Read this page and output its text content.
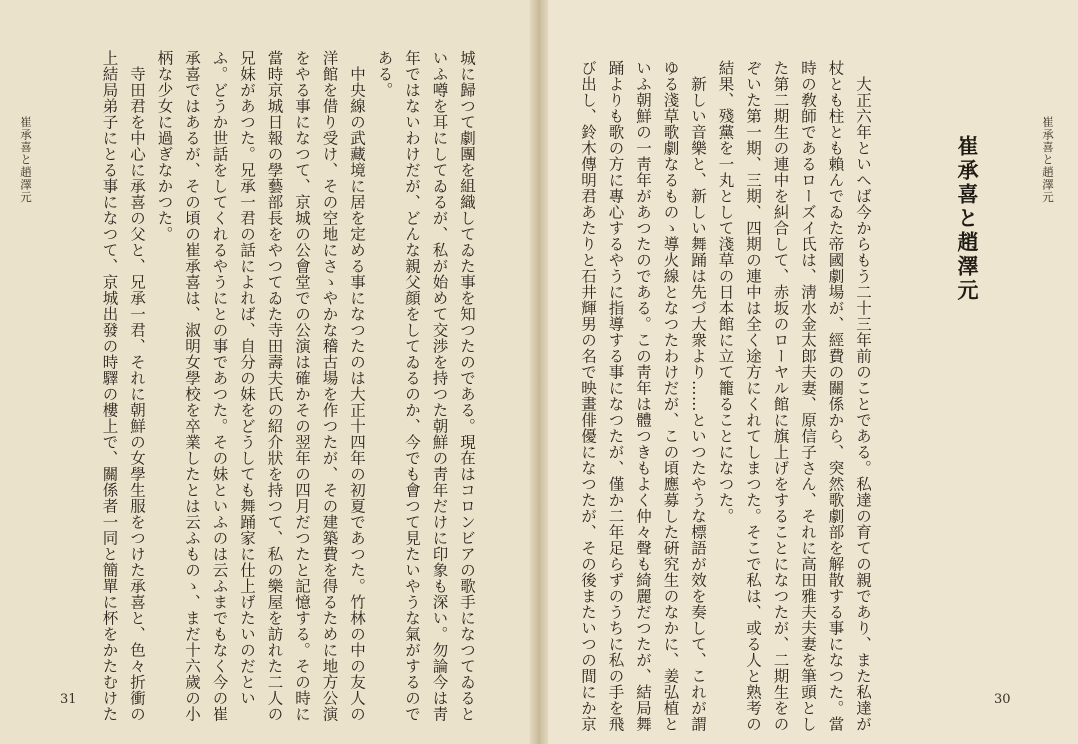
崔承喜と趙澤元	城に歸つて劇團を組織してゐた事を知つたのである。現在はコロンビアの歌手になつてゐると

いふ噂を耳にしてゐるが、私が始めて交渉を持つた朝鮮の靑年だけに印象も深い。勿論今は靑

年ではないわけだが、どんな親父顔をしてゐるのか、今でも會つて見たいやうな氣がするので

ある。

　中央線の武藏境に居を定める事になつたのは大正十四年の初夏であつた。竹林の中の友人の

洋館を借り受け、その空地にさゝやかな稽古場を作つたが、その建築費を得るために地方公演

をやる事になつて、京城の公會堂での公演は確かその翌年の四月だつたと記憶する。その時に

當時京城日報の學藝部長をやつてゐた寺田壽夫氏の紹介狀を持つて、私の樂屋を訪れた二人の

兄妹があつた。兄承一君の話によれば、自分の妹をどうしても舞踊家に仕上げたいのだとい

ふ。どうか世話をしてくれるやうにとの事であつた。その妹といふのは云ふまでもなく今の崔

承喜ではあるが、その頃の崔承喜は、淑明女學校を卒業したとは云ふものゝ、まだ十六歲の小

柄な少女に過ぎなかつた。

　寺田君を中心に承喜の父と、兄承一君、それに朝鮮の女學生服をつけた承喜と、色々折衝の

上結局弟子にとる事になつて、京城出發の時驛の樓上で、關係者一同と簡單に杯をかたむけた

31
崔承喜と趙澤元
崔承喜と趙澤元

　大正六年といへば今からもう二十三年前のことである。私達の育ての親であり、また私達が

杖とも柱とも賴んでゐた帝國劇場が、經費の關係から、突然歌劇部を解散する事になつた。當

時の敎師であるローズイ氏は、淸水金太郎夫妻、原信子さん、それに高田雅夫夫妻を筆頭とし

た第二期生の連中を糾合して、赤坂のローヤル館に旗上げをすることになつたが、二期生をの

ぞいた第一期、三期、四期の連中は全く途方にくれてしまつた。そこで私は、或る人と熟考の

結果、殘黨を一丸として淺草の日本館に立て籠ることになつた。

　新しい音樂と、新しい舞踊は先づ大衆より……といつたやうな標語が效を奏して、これが謂

ゆる淺草歌劇なるものゝ導火線となつたわけだが、この頃應募した硏究生のなかに、姜弘植と

いふ朝鮮の一靑年があつたのである。この靑年は體つきもよく仲々聲も綺麗だつたが、結局舞

踊よりも歌の方に專心するやうに指導する事になつたが、僅か二年足らずのうちに私の手を飛

び出し、鈴木傳明君あたりと石井輝男の名で映畫俳優になつたが、その後またいつの間にか京	30
